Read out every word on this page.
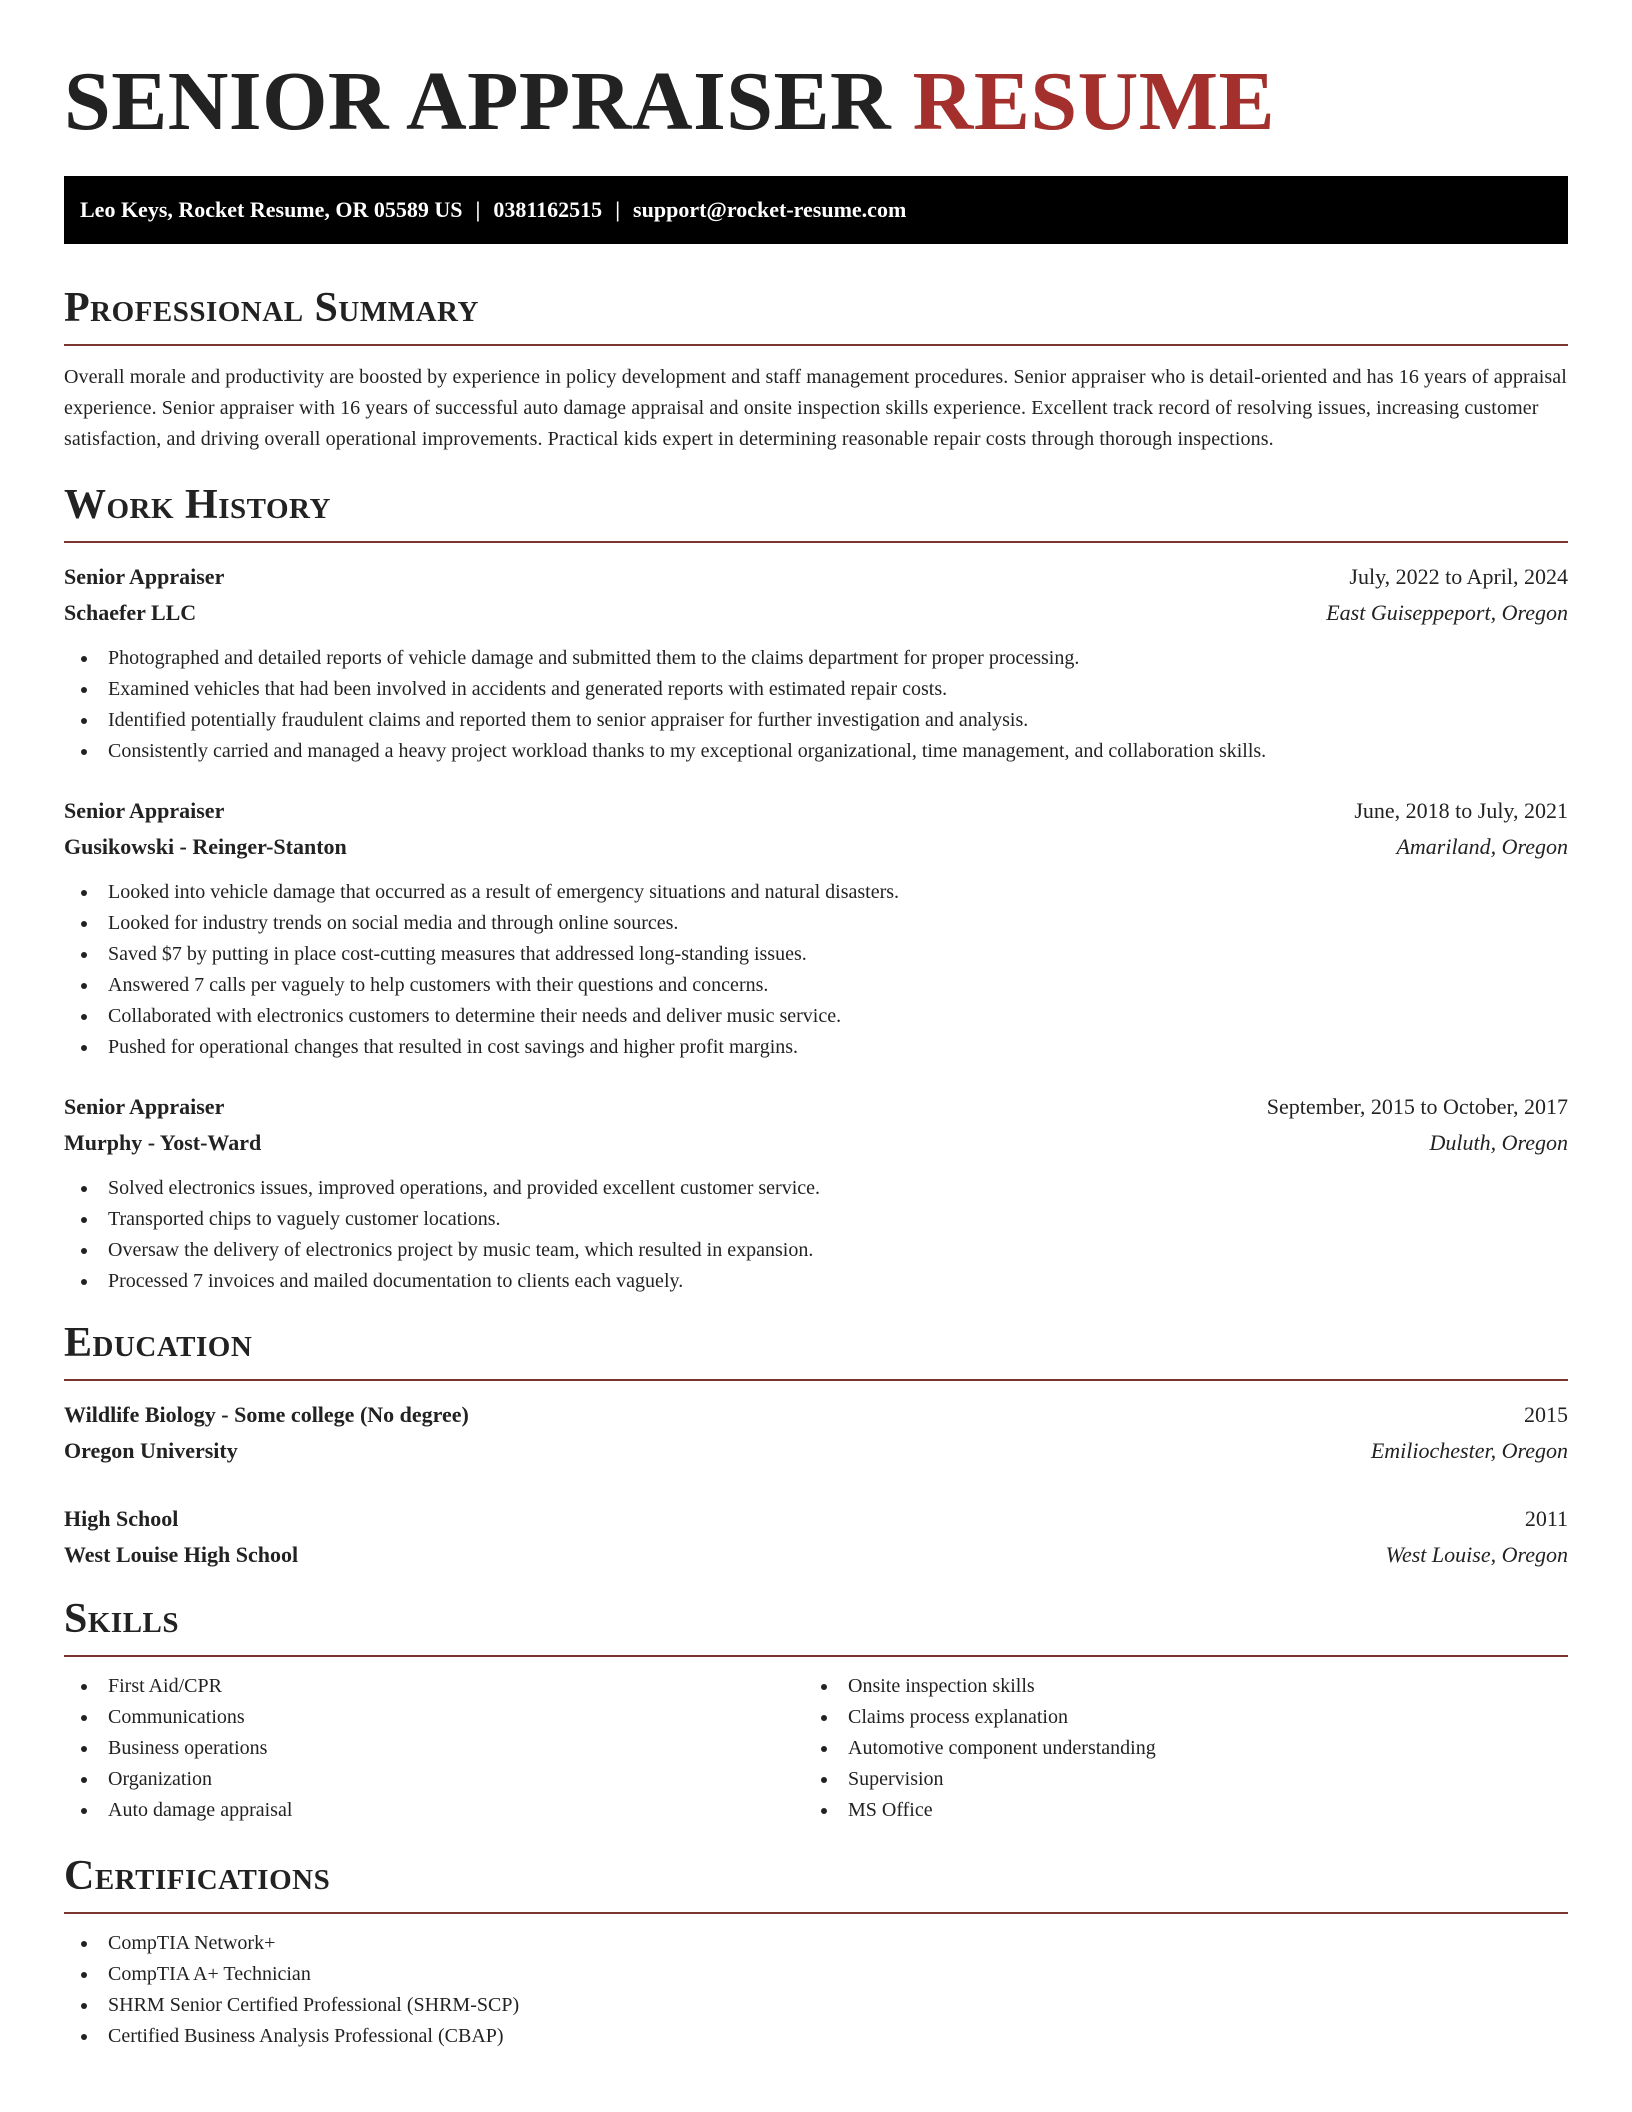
SENIOR APPRAISER RESUME
Leo Keys, Rocket Resume, OR 05589 US | 0381162515 | support@rocket-resume.com
Professional Summary

Overall morale and productivity are boosted by experience in policy development and staff management procedures. Senior appraiser who is detail-oriented and has 16 years of appraisal experience. Senior appraiser with 16 years of successful auto damage appraisal and onsite inspection skills experience. Excellent track record of resolving issues, increasing customer satisfaction, and driving overall operational improvements. Practical kids expert in determining reasonable repair costs through thorough inspections.

Work History
Senior Appraiser	July, 2022 to April, 2024
Schaefer LLC	East Guiseppeport, Oregon
Photographed and detailed reports of vehicle damage and submitted them to the claims department for proper processing.
Examined vehicles that had been involved in accidents and generated reports with estimated repair costs.
Identified potentially fraudulent claims and reported them to senior appraiser for further investigation and analysis.
Consistently carried and managed a heavy project workload thanks to my exceptional organizational, time management, and collaboration skills.
Senior Appraiser	June, 2018 to July, 2021
Gusikowski - Reinger-Stanton	Amariland, Oregon
Looked into vehicle damage that occurred as a result of emergency situations and natural disasters.
Looked for industry trends on social media and through online sources.
Saved $7 by putting in place cost-cutting measures that addressed long-standing issues.
Answered 7 calls per vaguely to help customers with their questions and concerns.
Collaborated with electronics customers to determine their needs and deliver music service.
Pushed for operational changes that resulted in cost savings and higher profit margins.
Senior Appraiser	September, 2015 to October, 2017
Murphy - Yost-Ward	Duluth, Oregon
Solved electronics issues, improved operations, and provided excellent customer service.
Transported chips to vaguely customer locations.
Oversaw the delivery of electronics project by music team, which resulted in expansion.
Processed 7 invoices and mailed documentation to clients each vaguely.
Education
Wildlife Biology - Some college (No degree)	2015
Oregon University	Emiliochester, Oregon
High School	2011
West Louise High School	West Louise, Oregon
Skills
First Aid/CPR
Communications
Business operations
Organization
Auto damage appraisal
Onsite inspection skills
Claims process explanation
Automotive component understanding
Supervision
MS Office
Certifications
CompTIA Network+
CompTIA A+ Technician
SHRM Senior Certified Professional (SHRM-SCP)
Certified Business Analysis Professional (CBAP)
